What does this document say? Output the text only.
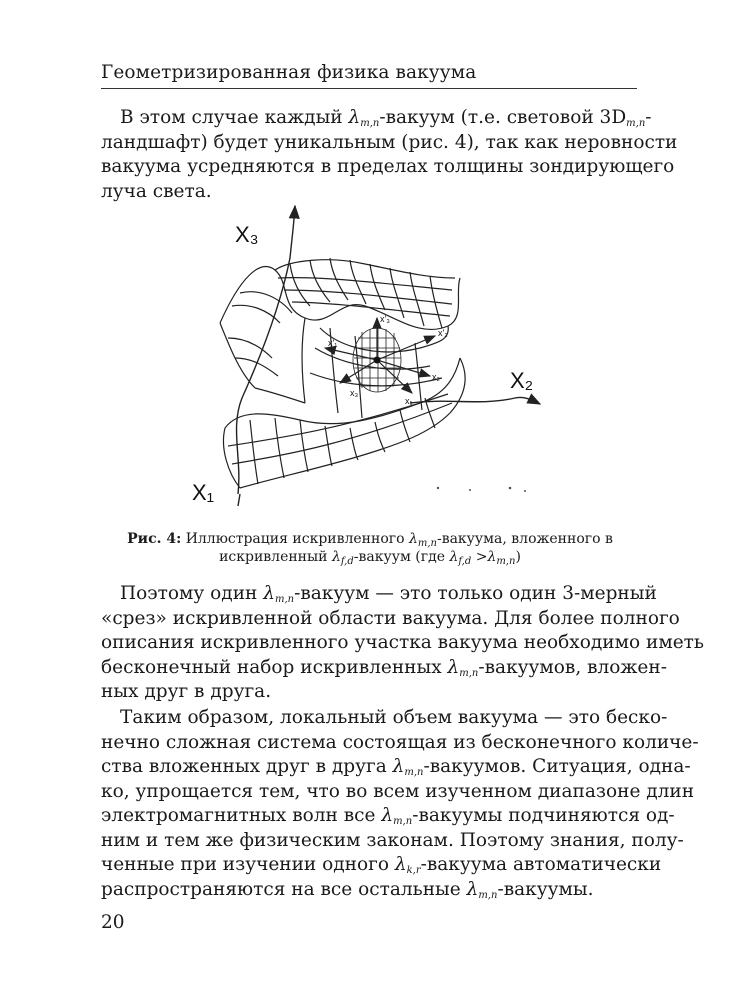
Геометризированная физика вакуума
В этом случае каждый $\lambda_{m,n}$-вакуум (т.е. световой $3D_{m,n}-$
ландшафт) будет уникальным (рис. 4), так как неровности
вакуума усредняются в пределах толщины зондирующего
луча света.
X₃
X₂
X₁
x'₃
x'₁
x'₂
x₂
x₃
x₁
Рис. 4: Иллюстрация искривленного $\lambda_{m,n}$-вакуума, вложенного в
искривленный $\lambda_{f,d}$-вакуум (где $\lambda_{f,d} >\lambda_{m,n}$)
Поэтому один $\lambda_{m,n}$-вакуум — это только один 3-мерный
«срез» искривленной области вакуума. Для более полного
описания искривленного участка вакуума необходимо иметь
бесконечный набор искривленных $\lambda_{m,n}$-вакуумов, вложен-
ных друг в друга.
Таким образом, локальный объем вакуума — это беско-
нечно сложная система состоящая из бесконечного количе-
ства вложенных друг в друга $\lambda_{m,n}$-вакуумов. Ситуация, одна-
ко, упрощается тем, что во всем изученном диапазоне длин
электромагнитных волн все $\lambda_{m,n}$-вакуумы подчиняются од-
ним и тем же физическим законам. Поэтому знания, полу-
ченные при изучении одного $\lambda_{k,r}$-вакуума автоматически
распространяются на все остальные $\lambda_{m,n}$-вакуумы.
20
